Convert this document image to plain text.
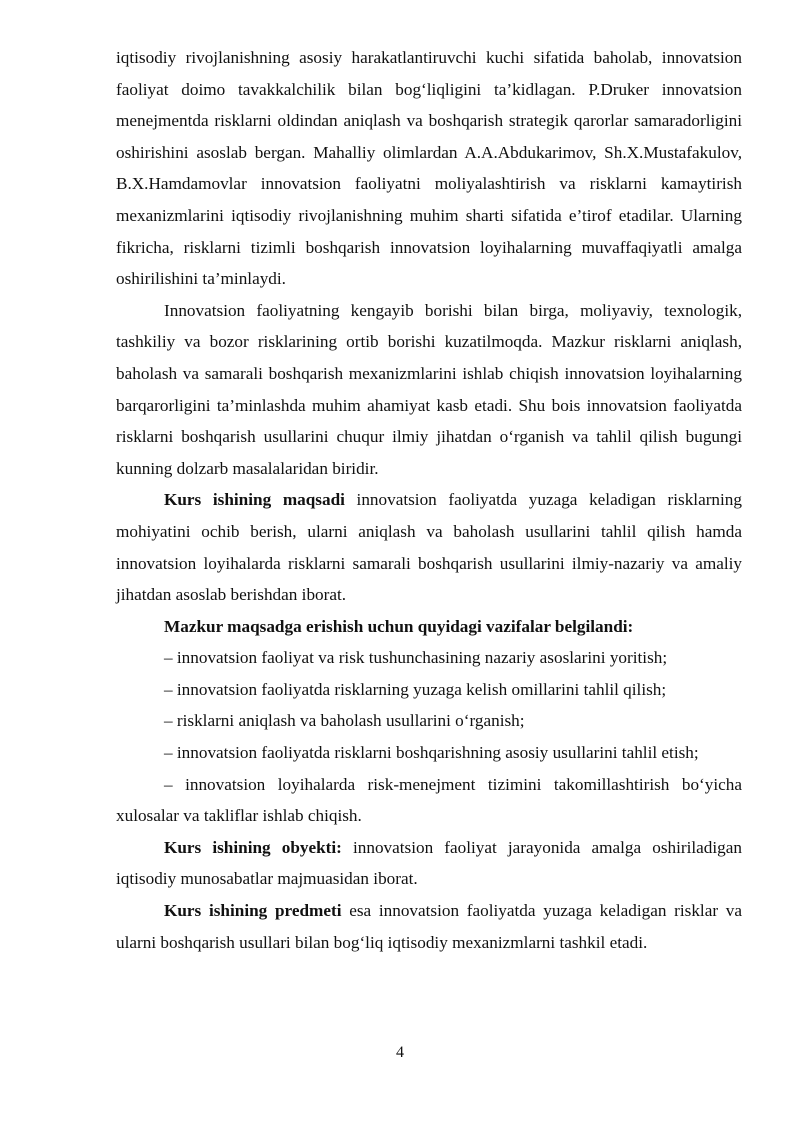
iqtisodiy rivojlanishning asosiy harakatlantiruvchi kuchi sifatida baholab, innovatsion faoliyat doimo tavakkalchilik bilan bog‘liqligini ta’kidlagan. P.Druker innovatsion menejmentda risklarni oldindan aniqlash va boshqarish strategik qarorlar samaradorligini oshirishini asoslab bergan. Mahalliy olimlardan A.A.Abdukarimov, Sh.X.Mustafakulov, B.X.Hamdamovlar innovatsion faoliyatni moliyalashtirish va risklarni kamaytirish mexanizmlarini iqtisodiy rivojlanishning muhim sharti sifatida e’tirof etadilar. Ularning fikricha, risklarni tizimli boshqarish innovatsion loyihalarning muvaffaqiyatli amalga oshirilishini ta’minlaydi.

Innovatsion faoliyatning kengayib borishi bilan birga, moliyaviy, texnologik, tashkiliy va bozor risklarining ortib borishi kuzatilmoqda. Mazkur risklarni aniqlash, baholash va samarali boshqarish mexanizmlarini ishlab chiqish innovatsion loyihalarning barqarorligini ta’minlashda muhim ahamiyat kasb etadi. Shu bois innovatsion faoliyatda risklarni boshqarish usullarini chuqur ilmiy jihatdan o‘rganish va tahlil qilish bugungi kunning dolzarb masalalaridan biridir.

Kurs ishining maqsadi innovatsion faoliyatda yuzaga keladigan risklarning mohiyatini ochib berish, ularni aniqlash va baholash usullarini tahlil qilish hamda innovatsion loyihalarda risklarni samarali boshqarish usullarini ilmiy-nazariy va amaliy jihatdan asoslab berishdan iborat.

Mazkur maqsadga erishish uchun quyidagi vazifalar belgilandi:

– innovatsion faoliyat va risk tushunchasining nazariy asoslarini yoritish;

– innovatsion faoliyatda risklarning yuzaga kelish omillarini tahlil qilish;

– risklarni aniqlash va baholash usullarini o‘rganish;

– innovatsion faoliyatda risklarni boshqarishning asosiy usullarini tahlil etish;

– innovatsion loyihalarda risk-menejment tizimini takomillashtirish bo‘yicha xulosalar va takliflar ishlab chiqish.

Kurs ishining obyekti: innovatsion faoliyat jarayonida amalga oshiriladigan iqtisodiy munosabatlar majmuasidan iborat.

Kurs ishining predmeti esa innovatsion faoliyatda yuzaga keladigan risklar va ularni boshqarish usullari bilan bog‘liq iqtisodiy mexanizmlarni tashkil etadi.

4
